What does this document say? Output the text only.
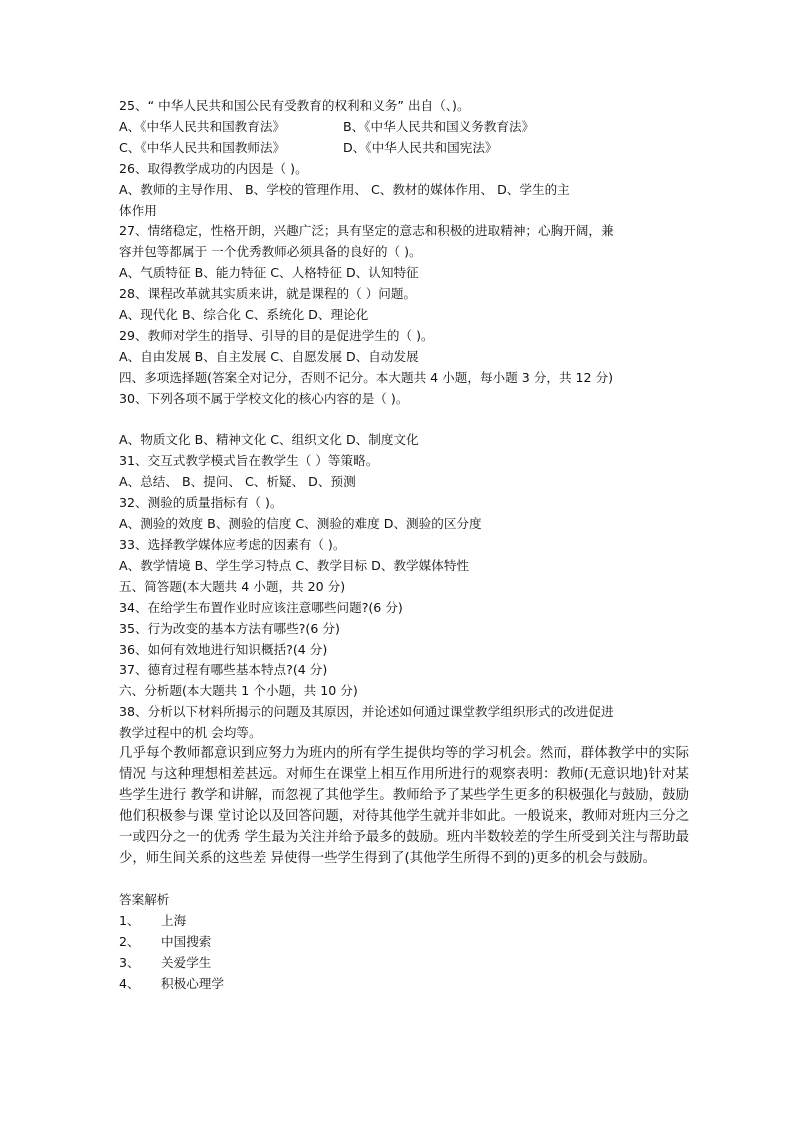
25、“ 中华人民共和国公民有受教育的权利和义务” 出自（、)。
A、《中华人民共和国教育法》	B、《中华人民共和国义务教育法》
C、《中华人民共和国教师法》	D、《中华人民共和国宪法》
26、取得教学成功的内因是（ )。
A、教师的主导作用、 B、学校的管理作用、 C、教材的媒体作用、 D、学生的主
体作用
27、情绪稳定，性格开朗，兴趣广泛；具有坚定的意志和积极的进取精神；心胸开阔，兼
容并包等都属于 一个优秀教师必须具备的良好的（ )。
A、气质特征 B、能力特征 C、人格特征 D、认知特征
28、课程改革就其实质来讲，就是课程的（ ）问题。
A、现代化 B、综合化 C、系统化 D、理论化
29、教师对学生的指导、引导的目的是促进学生的（ )。
A、自由发展 B、自主发展 C、自愿发展 D、自动发展
四、多项选择题(答案全对记分，否则不记分。本大题共 4 小题，每小题 3 分，共 12 分)
30、下列各项不属于学校文化的核心内容的是（ )。
A、物质文化 B、精神文化 C、组织文化 D、制度文化
31、交互式教学模式旨在教学生（ ）等策略。
A、总结、 B、提问、 C、析疑、 D、预测
32、测验的质量指标有（ )。
A、测验的效度 B、测验的信度 C、测验的难度 D、测验的区分度
33、选择教学媒体应考虑的因素有（ )。
A、教学情境 B、学生学习特点 C、教学目标 D、教学媒体特性
五、简答题(本大题共 4 小题，共 20 分)
34、在给学生布置作业时应该注意哪些问题?(6 分)
35、行为改变的基本方法有哪些?(6 分)
36、如何有效地进行知识概括?(4 分)
37、德育过程有哪些基本特点?(4 分)
六、分析题(本大题共 1 个小题，共 10 分)
38、分析以下材料所揭示的问题及其原因，并论述如何通过课堂教学组织形式的改进促进
教学过程中的机 会均等。
几乎每个教师都意识到应努力为班内的所有学生提供均等的学习机会。然而，群体教学中的实际情况 与这种理想相差甚远。对师生在课堂上相互作用所进行的观察表明：教师(无意识地)针对某些学生进行 教学和讲解，而忽视了其他学生。教师给予了某些学生更多的积极强化与鼓励，鼓励他们积极参与课 堂讨论以及回答问题，对待其他学生就并非如此。一般说来，教师对班内三分之一或四分之一的优秀 学生最为关注并给予最多的鼓励。班内半数较差的学生所受到关注与帮助最少，师生间关系的这些差 异使得一些学生得到了(其他学生所得不到的)更多的机会与鼓励。
答案解析
1、	上海
2、	中国搜索
3、	关爱学生
4、	积极心理学
